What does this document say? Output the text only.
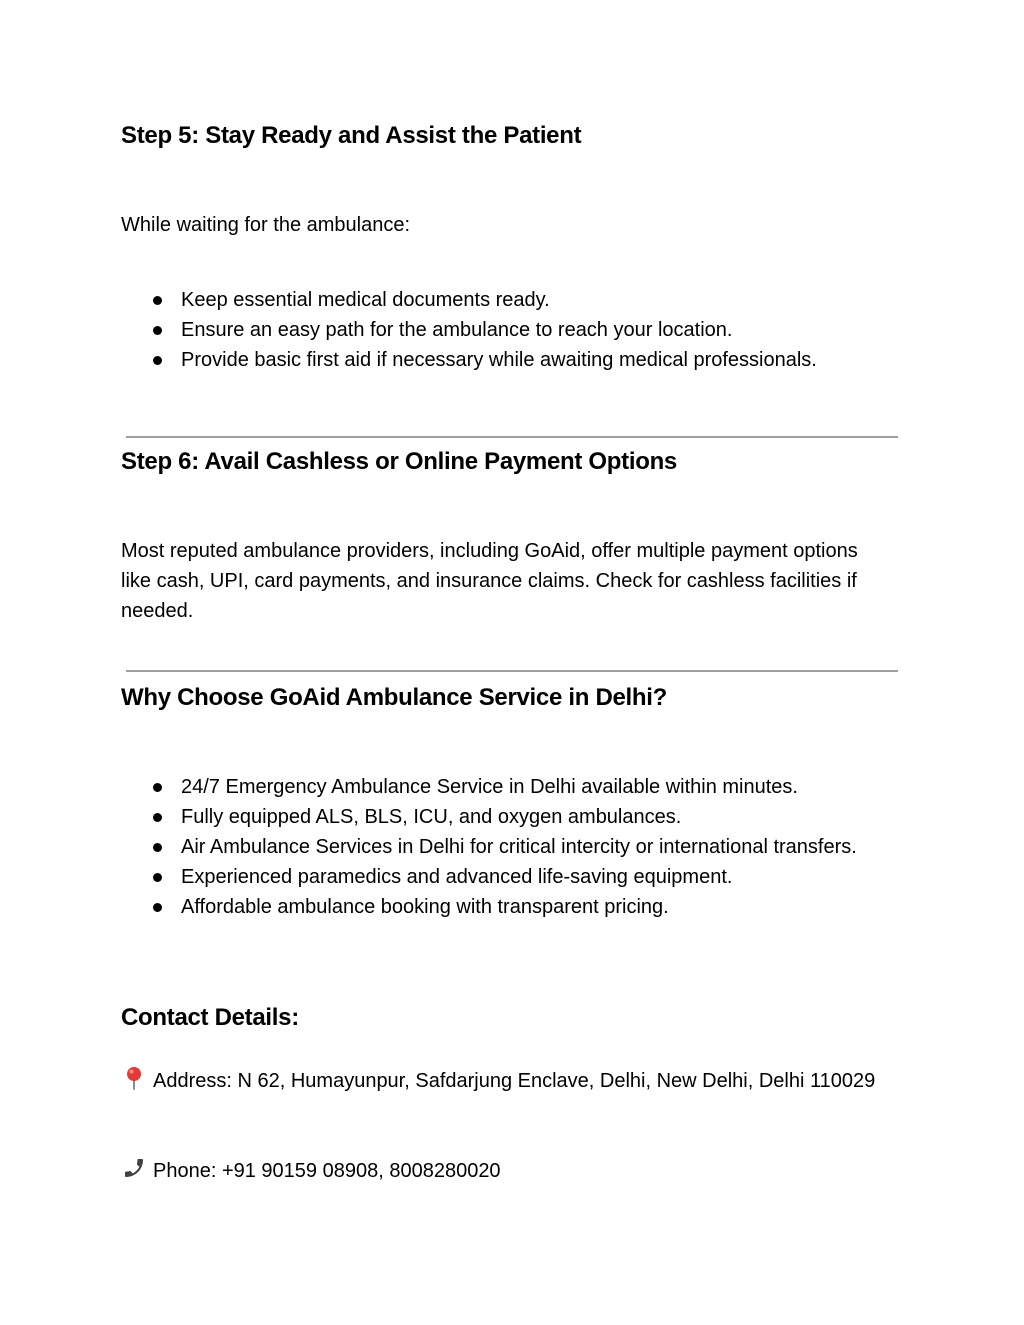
Step 5: Stay Ready and Assist the Patient

While waiting for the ambulance:

Keep essential medical documents ready.
Ensure an easy path for the ambulance to reach your location.
Provide basic first aid if necessary while awaiting medical professionals.
Step 6: Avail Cashless or Online Payment Options

Most reputed ambulance providers, including GoAid, offer multiple payment options like cash, UPI, card payments, and insurance claims. Check for cashless facilities if needed.

Why Choose GoAid Ambulance Service in Delhi?
24/7 Emergency Ambulance Service in Delhi available within minutes.
Fully equipped ALS, BLS, ICU, and oxygen ambulances.
Air Ambulance Services in Delhi for critical intercity or international transfers.
Experienced paramedics and advanced life-saving equipment.
Affordable ambulance booking with transparent pricing.
Contact Details:

Address: N 62, Humayunpur, Safdarjung Enclave, Delhi, New Delhi, Delhi 110029

Phone: +91 90159 08908, 8008280020
